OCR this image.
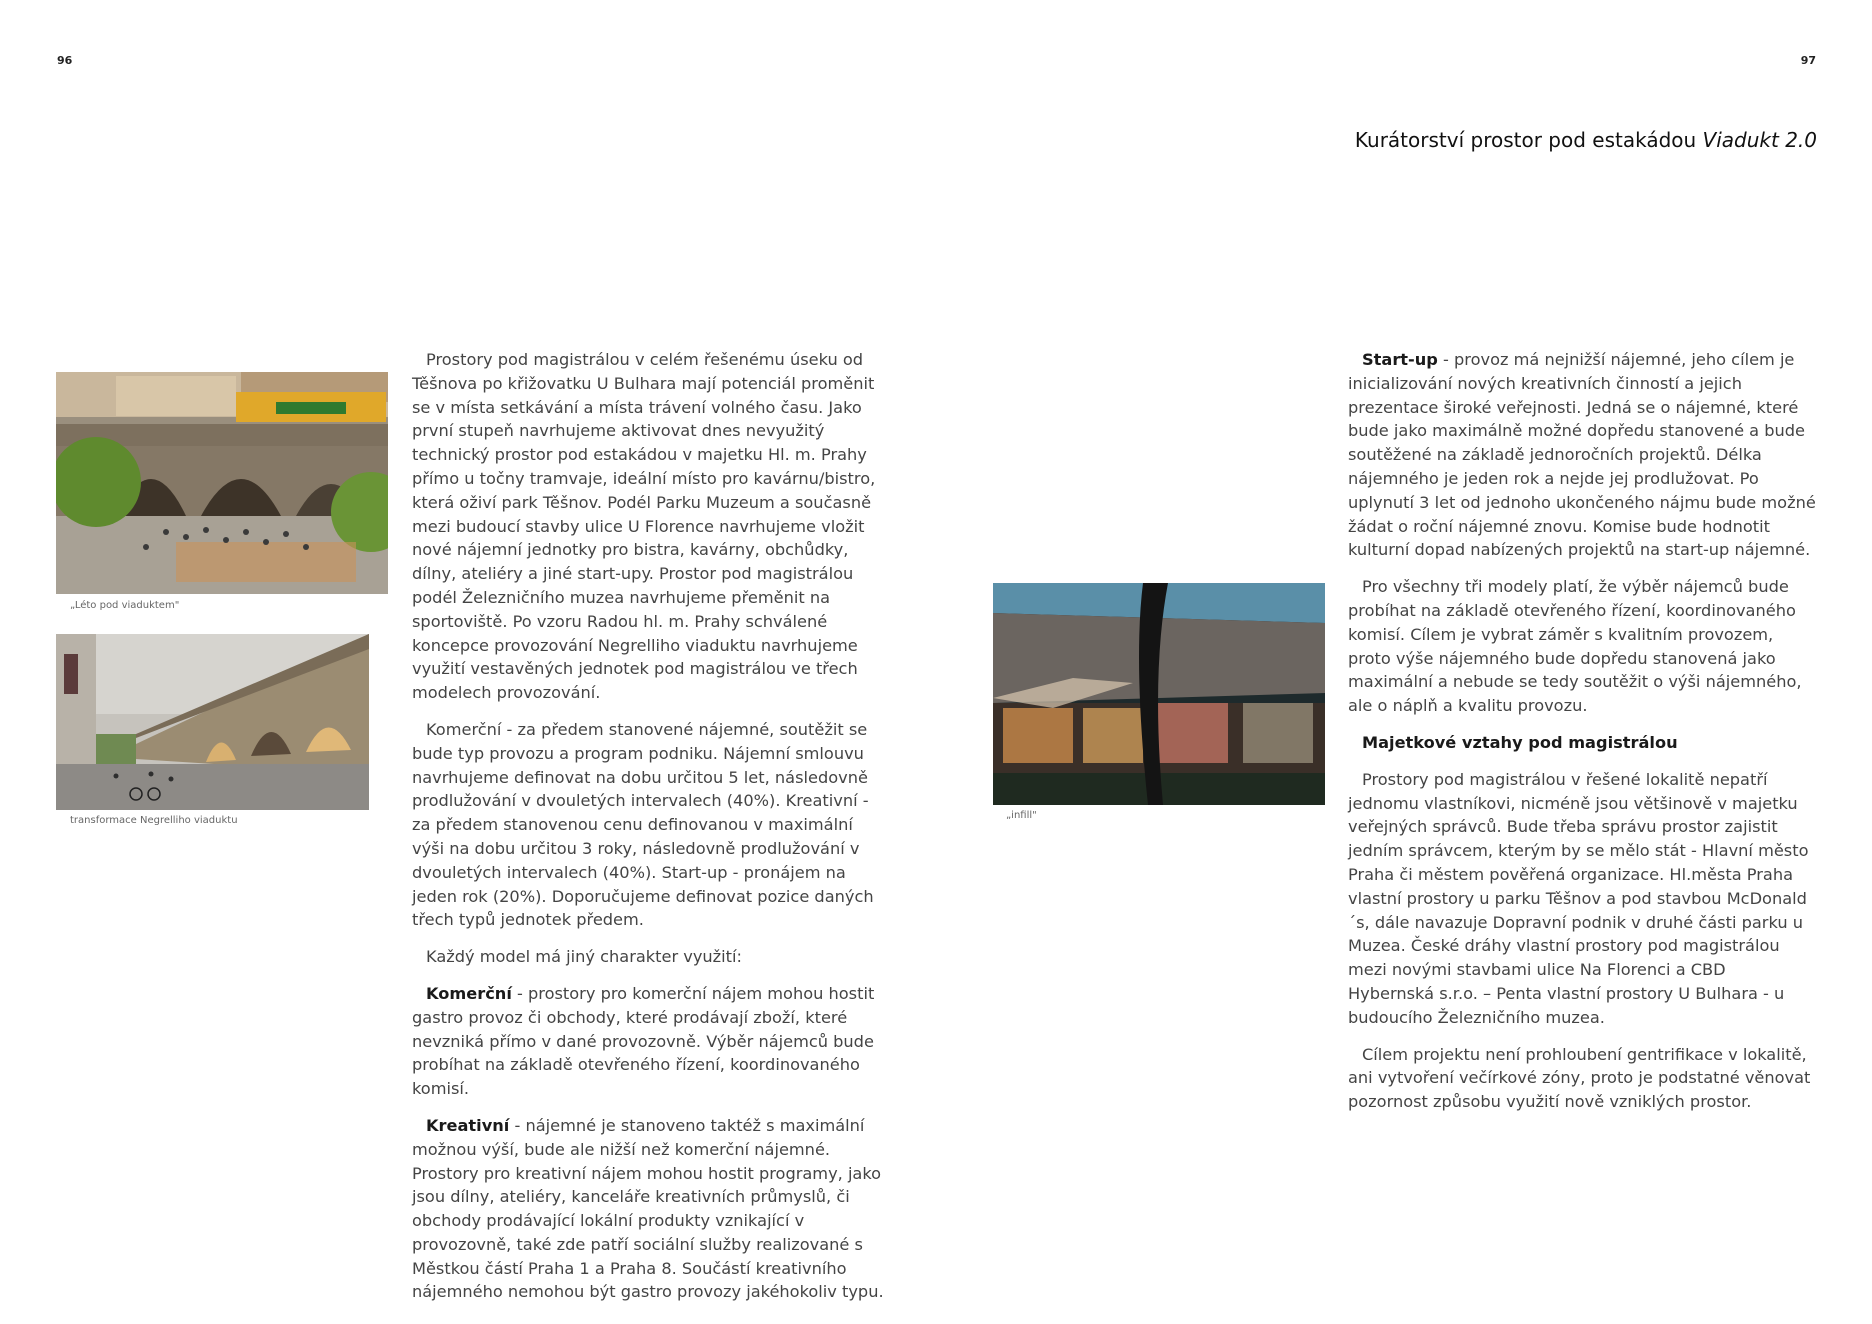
96	97
Kurátorství prostor pod estakádou Viadukt 2.0
„Léto pod viaduktem"
transformace Negrelliho viaduktu	„infill"

Prostory pod magistrálou v celém řešenému úseku od Těšnova po křižovatku U Bulhara mají potenciál proměnit se v místa setkávání a místa trávení volného času. Jako první stupeň navrhujeme aktivovat dnes nevyužitý technický prostor pod estakádou v majetku Hl. m. Prahy přímo u točny tramvaje, ideální místo pro kavárnu/bistro, která oživí park Těšnov. Podél Parku Muzeum a současně mezi budoucí stavby ulice U Florence navrhujeme vložit nové nájemní jednotky pro bistra, kavárny, obchůdky, dílny, ateliéry a jiné start-upy. Prostor pod magistrálou podél Železničního muzea navrhujeme přeměnit na sportoviště. Po vzoru Radou hl. m. Prahy schválené koncepce provozování Negrelliho viaduktu navrhujeme využití vestavěných jednotek pod magistrálou ve třech modelech provozování.

Komerční - za předem stanovené nájemné, soutěžit se bude typ provozu a program podniku. Nájemní smlouvu navrhujeme definovat na dobu určitou 5 let, následovně prodlužování v dvouletých intervalech (40%). Kreativní - za předem stanovenou cenu definovanou v maximální výši na dobu určitou 3 roky, následovně prodlužování v dvouletých intervalech (40%). Start-up - pronájem na jeden rok (20%). Doporučujeme definovat pozice daných třech typů jednotek předem.

Každý model má jiný charakter využití:

Komerční - prostory pro komerční nájem mohou hostit gastro provoz či obchody, které prodávají zboží, které nevzniká přímo v dané provozovně. Výběr nájemců bude probíhat na základě otevřeného řízení, koordinovaného komisí.

Kreativní - nájemné je stanoveno taktéž s maximální možnou výší, bude ale nižší než komerční nájemné. Prostory pro kreativní nájem mohou hostit programy, jako jsou dílny, ateliéry, kanceláře kreativních průmyslů, či obchody prodávající lokální produkty vznikající v provozovně, také zde patří sociální služby realizované s Městkou částí Praha 1 a Praha 8. Součástí kreativního nájemného nemohou být gastro provozy jakéhokoliv typu.

Start-up - provoz má nejnižší nájemné, jeho cílem je inicializování nových kreativních činností a jejich prezentace široké veřejnosti. Jedná se o nájemné, které bude jako maximálně možné dopředu stanovené a bude soutěžené na základě jednoročních projektů. Délka nájemného je jeden rok a nejde jej prodlužovat. Po uplynutí 3 let od jednoho ukončeného nájmu bude možné žádat o roční nájemné znovu. Komise bude hodnotit kulturní dopad nabízených projektů na start-up nájemné.

Pro všechny tři modely platí, že výběr nájemců bude probíhat na základě otevřeného řízení, koordinovaného komisí. Cílem je vybrat záměr s kvalitním provozem, proto výše nájemného bude dopředu stanovená jako maximální a nebude se tedy soutěžit o výši nájemného, ale o náplň a kvalitu provozu.

Majetkové vztahy pod magistrálou

Prostory pod magistrálou v řešené lokalitě nepatří jednomu vlastníkovi, nicméně jsou většinově v majetku veřejných správců. Bude třeba správu prostor zajistit jedním správcem, kterým by se mělo stát - Hlavní město Praha či městem pověřená organizace. Hl.města Praha vlastní prostory u parku Těšnov a pod stavbou McDonald´s, dále navazuje Dopravní podnik v druhé části parku u Muzea. České dráhy vlastní prostory pod magistrálou mezi novými stavbami ulice Na Florenci a CBD Hybernská s.r.o. – Penta vlastní prostory U Bulhara - u budoucího Železničního muzea.

Cílem projektu není prohloubení gentrifikace v lokalitě, ani vytvoření večírkové zóny, proto je podstatné věnovat pozornost způsobu využití nově vzniklých prostor.
